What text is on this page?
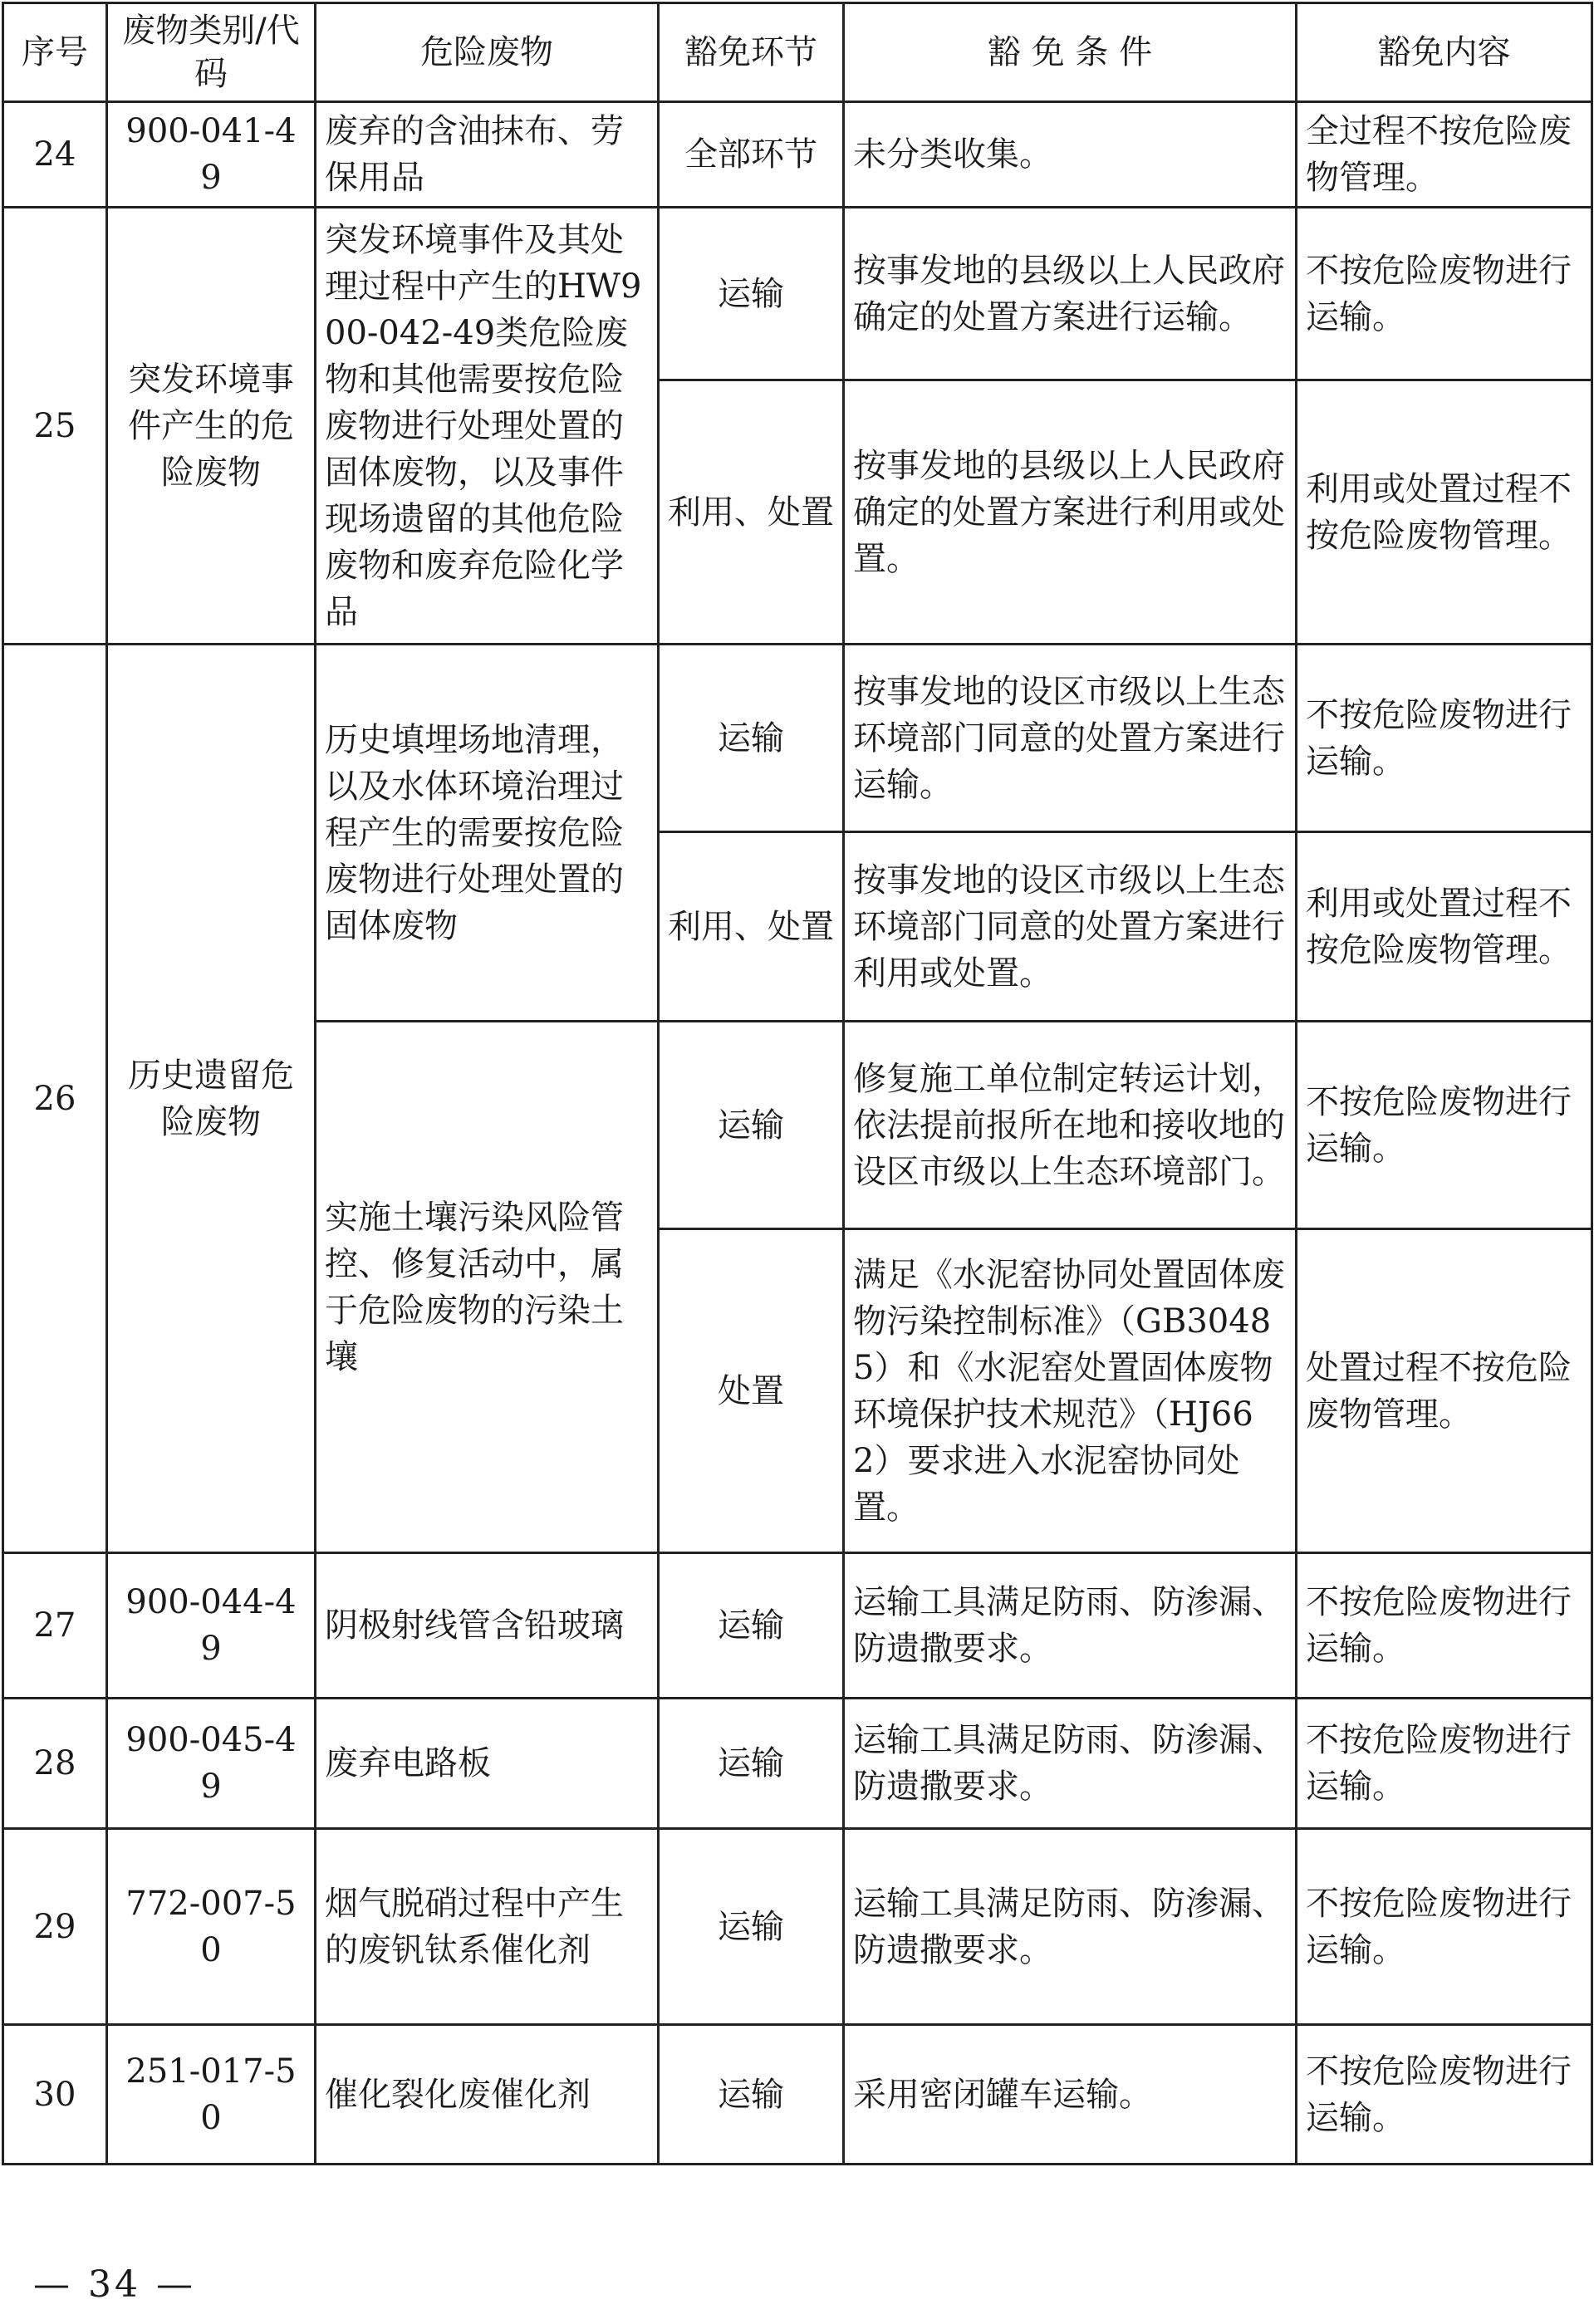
序号	废物类别/代码	危险废物	豁免环节	豁 免 条 件	豁免内容
24	900-041-49	废弃的含油抹布、劳保用品	全部环节	未分类收集。	全过程不按危险废物管理。
25	突发环境事件产生的危险废物	突发环境事件及其处理过程中产生的HW900-042-49类危险废物和其他需要按危险废物进行处理处置的固体废物，以及事件现场遗留的其他危险废物和废弃危险化学品	运输	按事发地的县级以上人民政府确定的处置方案进行运输。	不按危险废物进行运输。
			利用、处置	按事发地的县级以上人民政府确定的处置方案进行利用或处置。	利用或处置过程不按危险废物管理。
26	历史遗留危险废物	历史填埋场地清理，以及水体环境治理过程产生的需要按危险废物进行处理处置的固体废物	运输	按事发地的设区市级以上生态环境部门同意的处置方案进行运输。	不按危险废物进行运输。
			利用、处置	按事发地的设区市级以上生态环境部门同意的处置方案进行利用或处置。	利用或处置过程不按危险废物管理。
		实施土壤污染风险管控、修复活动中，属于危险废物的污染土壤	运输	修复施工单位制定转运计划，依法提前报所在地和接收地的设区市级以上生态环境部门。	不按危险废物进行运输。
			处置	满足《水泥窑协同处置固体废物污染控制标准》（GB30485）和《水泥窑处置固体废物环境保护技术规范》（HJ662）要求进入水泥窑协同处置。	处置过程不按危险废物管理。
27	900-044-49	阴极射线管含铅玻璃	运输	运输工具满足防雨、防渗漏、防遗撒要求。	不按危险废物进行运输。
28	900-045-49	废弃电路板	运输	运输工具满足防雨、防渗漏、防遗撒要求。	不按危险废物进行运输。
29	772-007-50	烟气脱硝过程中产生的废钒钛系催化剂	运输	运输工具满足防雨、防渗漏、防遗撒要求。	不按危险废物进行运输。
30	251-017-50	催化裂化废催化剂	运输	采用密闭罐车运输。	不按危险废物进行运输。
— 34 —
